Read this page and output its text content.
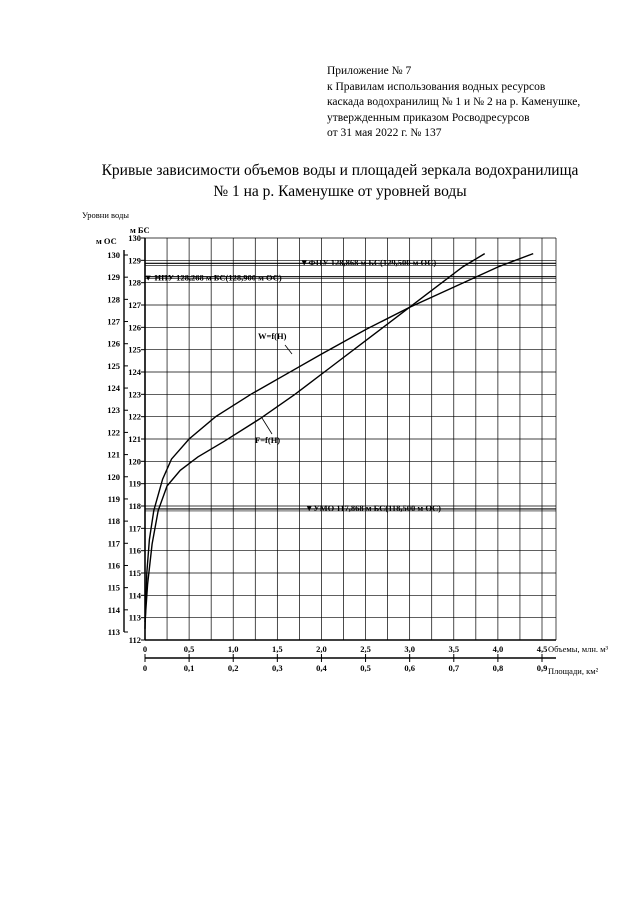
Приложение № 7
к Правилам использования водных ресурсов
каскада водохранилищ № 1 и № 2 на р. Каменушке,
утвержденным приказом Росводресурсов
от 31 мая 2022 г. № 137
Кривые зависимости объемов воды и площадей зеркала водохранилища
№ 1 на р. Каменушке от уровней воды
▼ФПУ 128,868 м БС(129,500 м ОС)
▼ НПУ 128,268 м БС(128,900 м ОС)
▼УМО 117,868 м БС(118,500 м ОС)
W=f(H)
F=f(H)
112
113
114
115
116
117
118
119
120
121
122
123
124
125
126
127
128
129
130
113
114
115
116
117
118
119
120
121
122
123
124
125
126
127
128
129
130
Уровни воды
м БС
м ОС
0	0,5	1,0	1,5	2,0	2,5	3,0	3,5	4,0	4,5 Объемы, млн. м³
0	0,1	0,2	0,3	0,4	0,5	0,6	0,7	0,8	0,9 Площади, км²
